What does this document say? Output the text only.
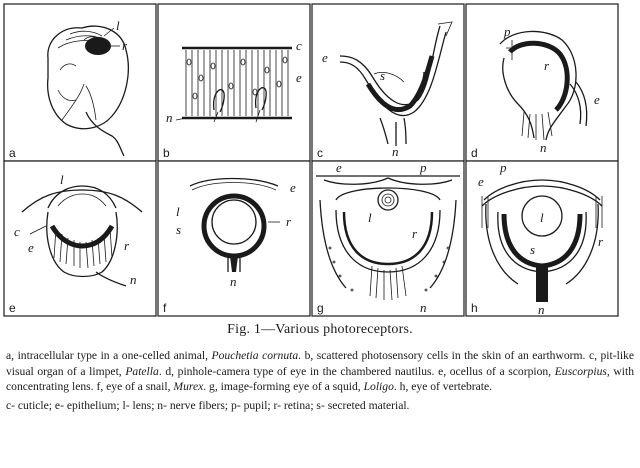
l
r
a
c
e
n
b
e
s	r
n
c
p
r
e
n
d
l
c
e	r
n
e
e
l
s
r
n
f
e	p
l
r
n
g
e
p
l
s
r
n
h
Fig. 1—Various photoreceptors.

a, intracellular type in a one-celled animal, Pouchetia cornuta. b, scattered photosensory cells in the skin of an earthworm. c, pit-like visual organ of a limpet, Patella. d, pinhole-camera type of eye in the chambered nautilus. e, ocellus of a scorpion, Euscorpius, with concentrating lens. f, eye of a snail, Murex. g, image-forming eye of a squid, Loligo. h, eye of vertebrate.

c- cuticle; e- epithelium; l- lens; n- nerve fibers; p- pupil; r- retina; s- secreted material.
